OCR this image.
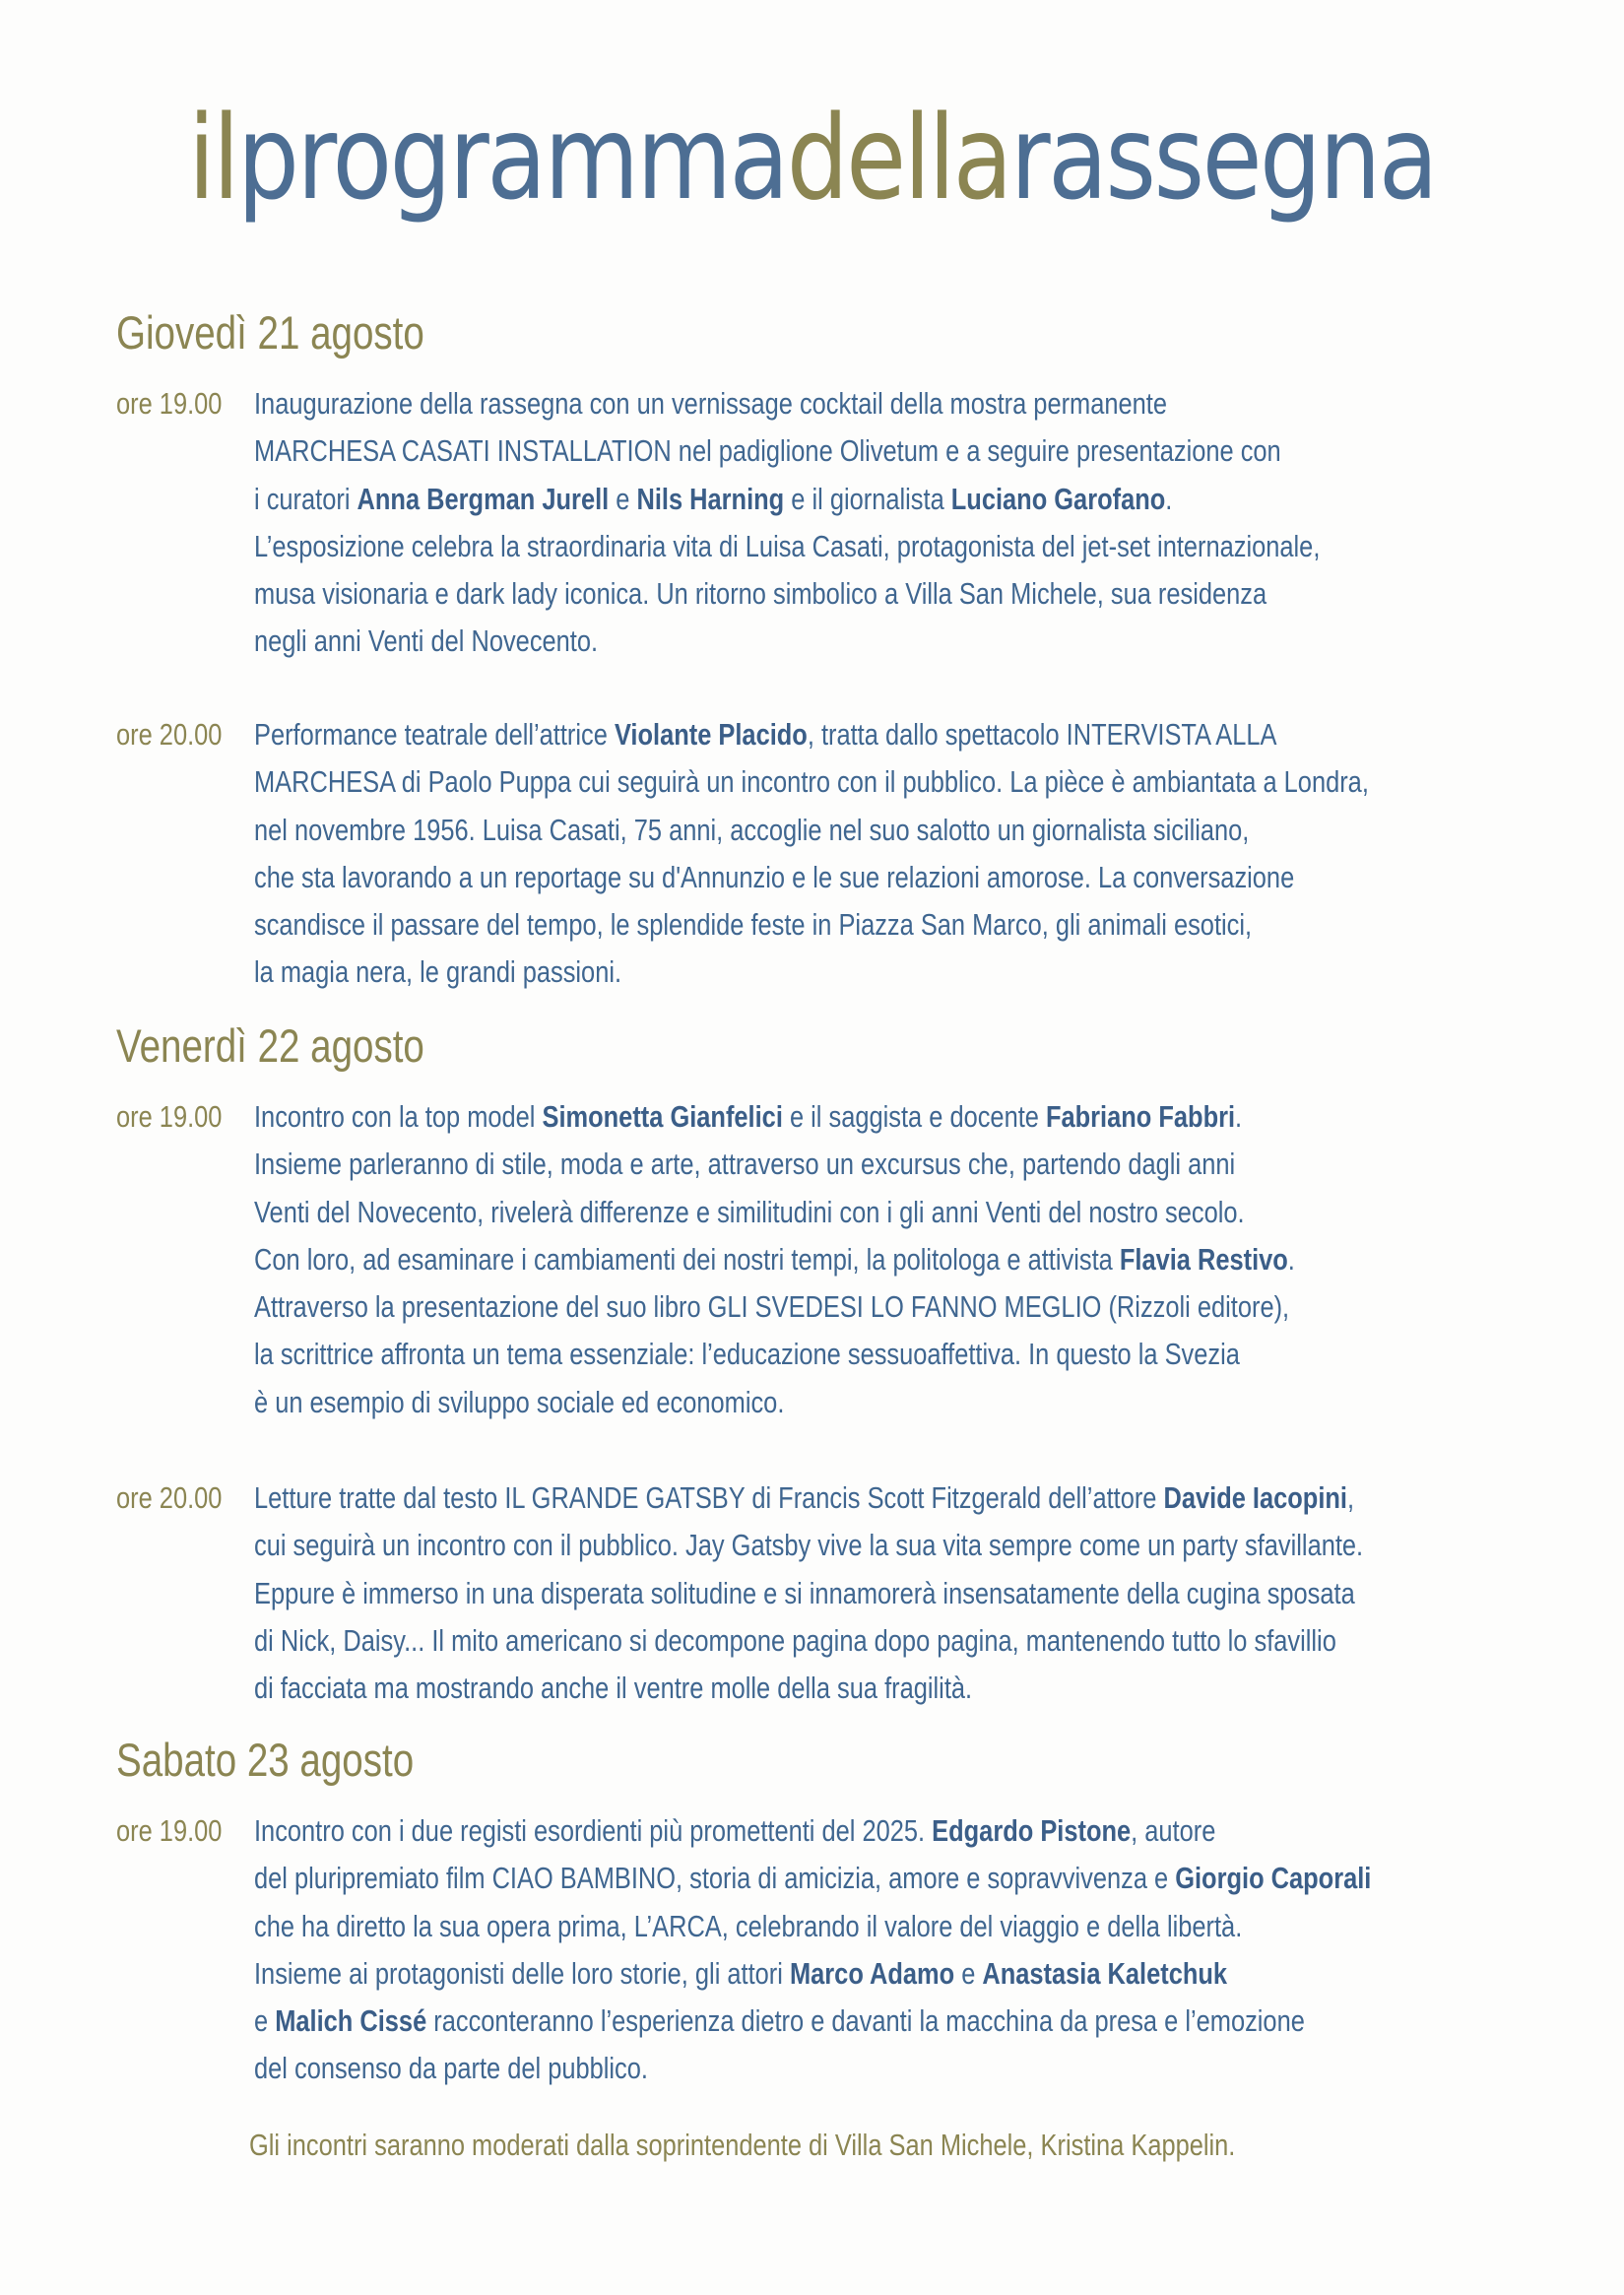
ilprogrammadellarassegna
Giovedì 21 agosto
ore 19.00 Inaugurazione della rassegna con un vernissage cocktail della mostra permanente
MARCHESA CASATI INSTALLATION nel padiglione Olivetum e a seguire presentazione con
i curatori Anna Bergman Jurell e Nils Harning e il giornalista Luciano Garofano.
L’esposizione celebra la straordinaria vita di Luisa Casati, protagonista del jet-set internazionale,
musa visionaria e dark lady iconica. Un ritorno simbolico a Villa San Michele, sua residenza
negli anni Venti del Novecento.
ore 20.00 Performance teatrale dell’attrice Violante Placido, tratta dallo spettacolo INTERVISTA ALLA
MARCHESA di Paolo Puppa cui seguirà un incontro con il pubblico. La pièce è ambiantata a Londra,
nel novembre 1956. Luisa Casati, 75 anni, accoglie nel suo salotto un giornalista siciliano,
che sta lavorando a un reportage su d'Annunzio e le sue relazioni amorose. La conversazione
scandisce il passare del tempo, le splendide feste in Piazza San Marco, gli animali esotici,
la magia nera, le grandi passioni.
Venerdì 22 agosto
ore 19.00 Incontro con la top model Simonetta Gianfelici e il saggista e docente Fabriano Fabbri.
Insieme parleranno di stile, moda e arte, attraverso un excursus che, partendo dagli anni
Venti del Novecento, rivelerà differenze e similitudini con i gli anni Venti del nostro secolo.
Con loro, ad esaminare i cambiamenti dei nostri tempi, la politologa e attivista Flavia Restivo.
Attraverso la presentazione del suo libro GLI SVEDESI LO FANNO MEGLIO (Rizzoli editore),
la scrittrice affronta un tema essenziale: l’educazione sessuoaffettiva. In questo la Svezia
è un esempio di sviluppo sociale ed economico.
ore 20.00 Letture tratte dal testo IL GRANDE GATSBY di Francis Scott Fitzgerald dell’attore Davide Iacopini,
cui seguirà un incontro con il pubblico. Jay Gatsby vive la sua vita sempre come un party sfavillante.
Eppure è immerso in una disperata solitudine e si innamorerà insensatamente della cugina sposata
di Nick, Daisy... Il mito americano si decompone pagina dopo pagina, mantenendo tutto lo sfavillio
di facciata ma mostrando anche il ventre molle della sua fragilità.
Sabato 23 agosto
ore 19.00 Incontro con i due registi esordienti più promettenti del 2025. Edgardo Pistone, autore
del pluripremiato film CIAO BAMBINO, storia di amicizia, amore e sopravvivenza e Giorgio Caporali
che ha diretto la sua opera prima, L’ARCA, celebrando il valore del viaggio e della libertà.
Insieme ai protagonisti delle loro storie, gli attori Marco Adamo e Anastasia Kaletchuk
e Malich Cissé racconteranno l’esperienza dietro e davanti la macchina da presa e l’emozione
del consenso da parte del pubblico.
Gli incontri saranno moderati dalla soprintendente di Villa San Michele, Kristina Kappelin.
